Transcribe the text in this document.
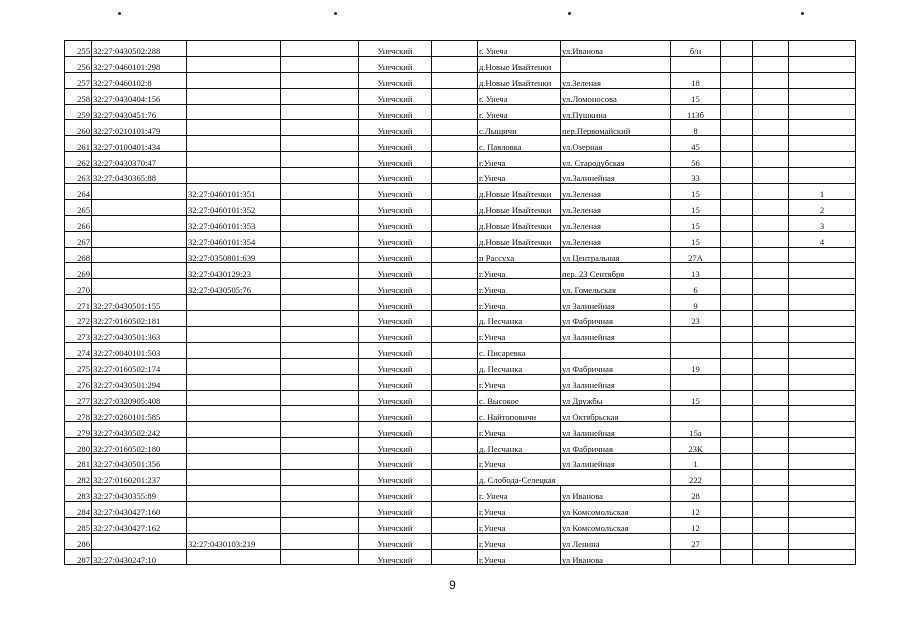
255	32:27:0430502:288			Унечский		г. Унеча	ул.Иванова	б/н			
256	32:27:0460101:298			Унечский		д.Новые Ивайтенки					
257	32:27:0460102:8			Унечский		д.Новые Ивайтенки	ул.Зеленая	18			
258	32:27:0430404:156			Унечский		г. Унеча	ул.Ломоносова	15			
259	32:27:0430451:76			Унечский		г. Унеча	ул.Пушкина	113б			
260	32:27:0210101:479			Унечский		с.Лыщичи	пер.Первомайский	8			
261	32:27:0100401:434			Унечский		с. Павловка	ул.Озерная	45			
262	32:27:0430370:47			Унечский		г.Унеча	ул. Стародубская	56			
263	32:27:0430365:88			Унечский		г.Унеча	ул.Залинейная	33			
264		32:27:0460101:351		Унечский		д.Новые Ивайтенки	ул.Зеленая	15			1
265		32:27:0460101:352		Унечский		д.Новые Ивайтенки	ул.Зеленая	15			2
266		32:27:0460101:353		Унечский		д.Новые Ивайтенки	ул.Зеленая	15			3
267		32:27:0460101:354		Унечский		д.Новые Ивайтенки	ул.Зеленая	15			4
268		32:27:0350801:639		Унечский		п Рассуха	ул Центральная	27А			
269		32:27:0430129:23		Унечский		г.Унеча	пер. 23 Сентября	13			
270		32:27:0430505:76		Унечский		г.Унеча	ул. Гомельская	6			
271	32:27:0430501:155			Унечский		г.Унеча	ул Залинейная	9			
272	32:27:0160502:181			Унечский		д. Песчанка	ул Фабричная	23			
273	32:27:0430501:363			Унечский		г.Унеча	ул Залинейная				
274	32:27:0040101:503			Унечский		с. Писаревка					
275	32:27:0160502:174			Унечский		д. Песчанка	ул Фабричная	19			
276	32:27:0430501:294			Унечский		г.Унеча	ул Залинейная				
277	32:27:0320905:408			Унечский		с. Высокое	ул Дружбы	15			
278	32:27:0260101:585			Унечский		с. Найтоповичи	ул Октябрьская				
279	32:27:0430502:242			Унечский		г.Унеча	ул Залинейная	15а			
280	32:27:0160502:180			Унечский		д. Песчанка	ул Фабричная	23К			
281	32:27:0430501:356			Унечский		г.Унеча	ул Залинейная	1			
282	32:27:0160201:237			Унечский		д. Слобода-Селецкая		222			
283	32:27:0430355:89			Унечский		г. Унеча	ул Иванова	28			
284	32:27:0430427:160			Унечский		г.Унеча	ул Комсомольская	12			
285	32:27:0430427:162			Унечский		г.Унеча	ул Комсомольская	12			
286		32:27:0430103:219		Унечский		г.Унеча	ул Ленина	27			
287	32:27:0430247:10			Унечский		г.Унеча	ул Иванова				
9
